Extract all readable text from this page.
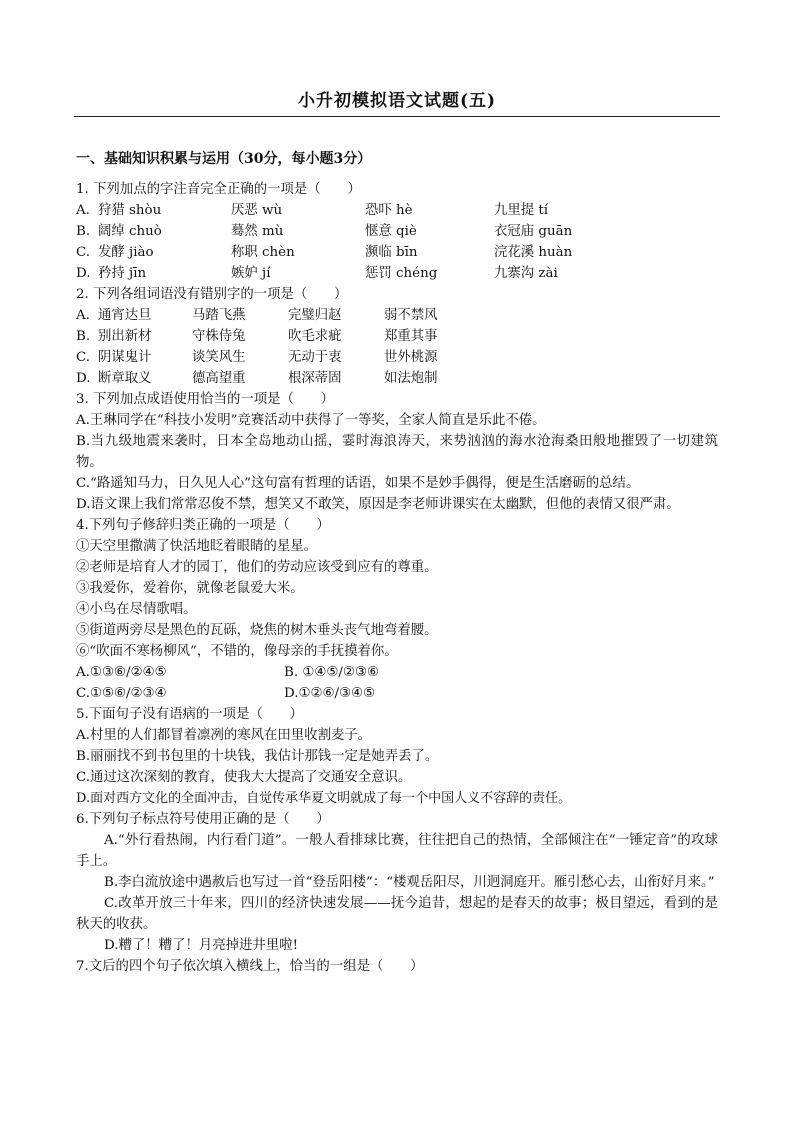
小升初模拟语文试题(五)
一、基础知识积累与运用（30分，每小题3分）
1. 下列加点的字注音完全正确的一项是（　　）
A. 狩猎 shòu	厌恶 wù	恐吓 hè	九里提 tí
B. 阔绰 chuò	蓦然 mù	惬意 qiè	衣冠庙 guān
C. 发酵 jiào	称职 chèn	濒临 bīn	浣花溪 huàn
D. 矜持 jīn	嫉妒 jí	惩罚 chéng	九寨沟 zài
2. 下列各组词语没有错别字的一项是（　　）
A. 通宵达旦	马踏飞燕	完璧归赵	弱不禁风
B. 别出新材	守株侍兔	吹毛求疵	郑重其事
C. 阴谋鬼计	谈笑风生	无动于衷	世外桃源
D. 断章取义	德高望重	根深蒂固	如法炮制
3. 下列加点成语使用恰当的一项是（　　）
A.王琳同学在“科技小发明”竞赛活动中获得了一等奖，全家人简直是乐此不倦。
B.当九级地震来袭时，日本全岛地动山摇，霎时海浪涛天，来势汹汹的海水沧海桑田般地摧毁了一切建筑物。
C.“路遥知马力，日久见人心”这句富有哲理的话语，如果不是妙手偶得，便是生活磨砺的总结。
D.语文课上我们常常忍俊不禁，想笑又不敢笑，原因是李老师讲课实在太幽默，但他的表情又很严肃。
4.下列句子修辞归类正确的一项是（　　）
①天空里撒满了快活地眨着眼睛的星星。
②老师是培育人才的园丁，他们的劳动应该受到应有的尊重。
③我爱你，爱着你，就像老鼠爱大米。
④小鸟在尽情歌唱。
⑤街道两旁尽是黑色的瓦砾，烧焦的树木垂头丧气地弯着腰。
⑥“吹面不寒杨柳风”，不错的，像母亲的手抚摸着你。
A.①③⑥/②④⑤	B. ①④⑤/②③⑥
C.①⑤⑥/②③④	D.①②⑥/③④⑤
5.下面句子没有语病的一项是（　　）
A.村里的人们都冒着凛冽的寒风在田里收割麦子。
B.丽丽找不到书包里的十块钱，我估计那钱一定是她弄丢了。
C.通过这次深刻的教育，使我大大提高了交通安全意识。
D.面对西方文化的全面冲击，自觉传承华夏文明就成了每一个中国人义不容辞的责任。
6.下列句子标点符号使用正确的是（　　）
A.“外行看热闹，内行看门道”。一般人看排球比赛，往往把自己的热情，全部倾注在“一锤定音”的攻球手上。
B.李白流放途中遇赦后也写过一首“登岳阳楼”：“楼观岳阳尽，川迥洞庭开。雁引愁心去，山衔好月来。”
C.改革开放三十年来，四川的经济快速发展——抚今追昔，想起的是春天的故事；极目望远，看到的是秋天的收获。
D.糟了！糟了！月亮掉进井里啦!
7.文后的四个句子依次填入横线上，恰当的一组是（　　）
